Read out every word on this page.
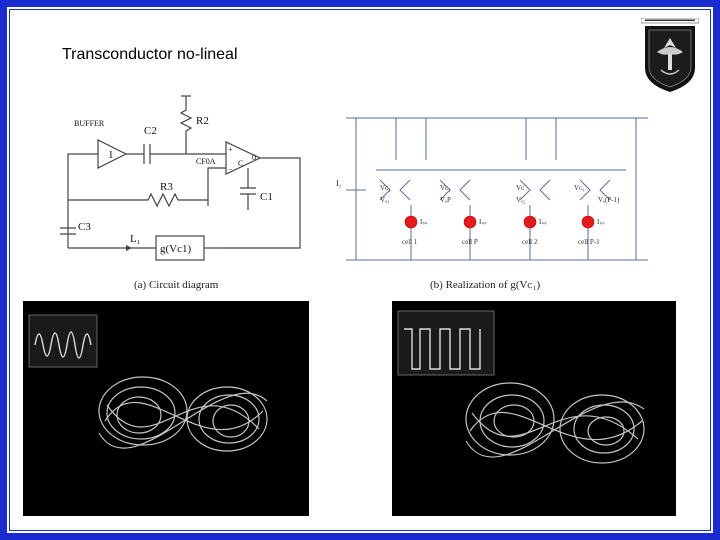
Transconductor no-lineal
BUFFER
1
C2
R2
CF0A
+
−
C
0
C1
R3
C3
L₁
g(Vc1)
I₁
cell 1	cell P	cell 2	cell P-1
Iₛₛ	Iₛₛ	Iₛₛ	Iₛₛ
Vᴄ₁
Vₐ₁
Vᴄ₁
VₐP
Vᴄ
Vₐ₂
Vᴄ₁
Vₐ(P-1)
(a) Circuit diagram	(b) Realization of g(Vᴄ₁)
